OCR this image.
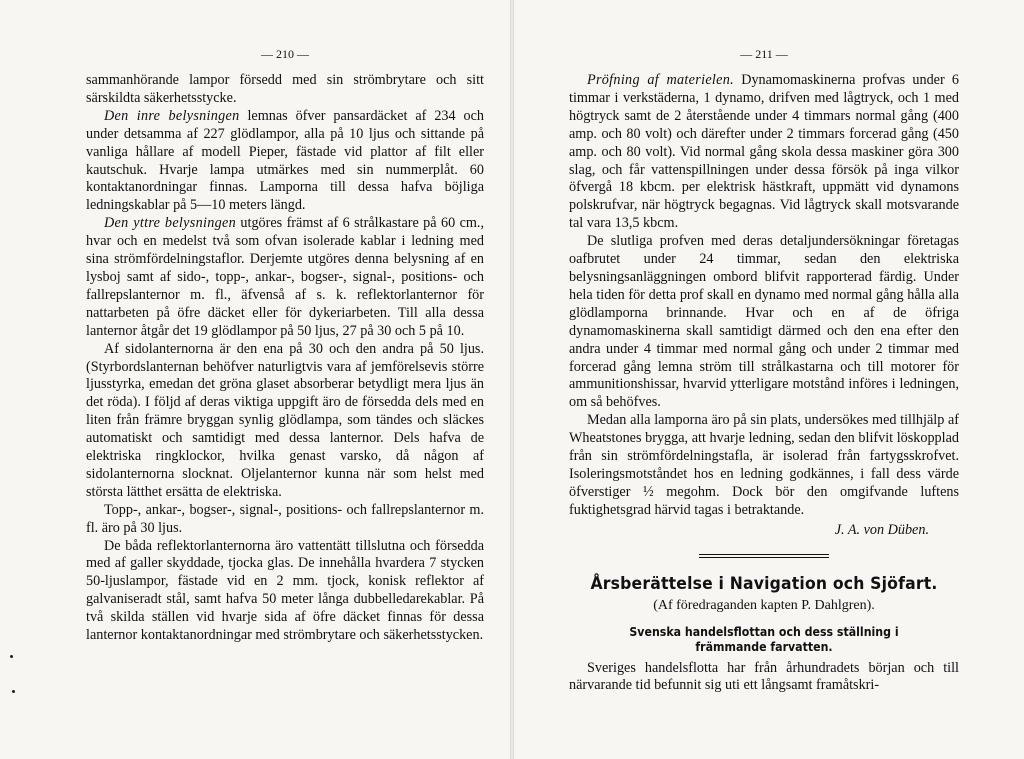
— 210 —

sammanhörande lampor försedd med sin strömbrytare och sitt särskildta säkerhetsstycke.

Den inre belysningen lemnas öfver pansardäcket af 234 och under detsamma af 227 glödlampor, alla på 10 ljus och sittande på vanliga hållare af modell Pieper, fästade vid plattor af filt eller kautschuk. Hvarje lampa utmärkes med sin nummerplåt. 60 kontaktanordningar finnas. Lamporna till dessa hafva böjliga ledningskablar på 5—10 meters längd.

Den yttre belysningen utgöres främst af 6 strålkastare på 60 cm., hvar och en medelst två som ofvan isolerade kablar i ledning med sina strömfördelningstaflor. Derjemte utgöres denna belysning af en lysboj samt af sido-, topp-, ankar-, bogser-, signal-, positions- och fallrepslanternor m. fl., äfvenså af s. k. reflektorlanternor för nattarbeten på öfre däcket eller för dykeriarbeten. Till alla dessa lanternor åtgår det 19 glödlampor på 50 ljus, 27 på 30 och 5 på 10.

Af sidolanternorna är den ena på 30 och den andra på 50 ljus. (Styrbordslanternan behöfver naturligtvis vara af jemförelsevis större ljusstyrka, emedan det gröna glaset absorberar betydligt mera ljus än det röda). I följd af deras viktiga uppgift äro de försedda dels med en liten från främre bryggan synlig glödlampa, som tändes och släckes automatiskt och samtidigt med dessa lanternor. Dels hafva de elektriska ringklockor, hvilka genast varsko, då någon af sidolanternorna slocknat. Oljelanternor kunna när som helst med största lätthet ersätta de elektriska.

Topp-, ankar-, bogser-, signal-, positions- och fallrepslanternor m. fl. äro på 30 ljus.

De båda reflektorlanternorna äro vattentätt tillslutna och försedda med af galler skyddade, tjocka glas. De innehålla hvardera 7 stycken 50-ljuslampor, fästade vid en 2 mm. tjock, konisk reflektor af galvaniseradt stål, samt hafva 50 meter långa dubbelledarekablar. På två skilda ställen vid hvarje sida af öfre däcket finnas för dessa lanternor kontaktanordningar med strömbrytare och säkerhetsstycken.

— 211 —

Pröfning af materielen. Dynamomaskinerna profvas under 6 timmar i verkstäderna, 1 dynamo, drifven med lågtryck, och 1 med högtryck samt de 2 återstående under 4 timmars normal gång (400 amp. och 80 volt) och därefter under 2 timmars forcerad gång (450 amp. och 80 volt). Vid normal gång skola dessa maskiner göra 300 slag, och får vattenspillningen under dessa försök på inga vilkor öfvergå 18 kbcm. per elektrisk hästkraft, uppmätt vid dynamons polskrufvar, när högtryck begagnas. Vid lågtryck skall motsvarande tal vara 13,5 kbcm.

De slutliga profven med deras detaljundersökningar företagas oafbrutet under 24 timmar, sedan den elektriska belysningsanläggningen ombord blifvit rapporterad färdig. Under hela tiden för detta prof skall en dynamo med normal gång hålla alla glödlamporna brinnande. Hvar och en af de öfriga dynamomaskinerna skall samtidigt därmed och den ena efter den andra under 4 timmar med normal gång och under 2 timmar med forcerad gång lemna ström till strålkastarna och till motorer för ammunitionshissar, hvarvid ytterligare motstånd införes i ledningen, om så behöfves.

Medan alla lamporna äro på sin plats, undersökes med tillhjälp af Wheatstones brygga, att hvarje ledning, sedan den blifvit löskopplad från sin strömfördelningstafla, är isolerad från fartygsskrofvet. Isoleringsmotståndet hos en ledning godkännes, i fall dess värde öfverstiger ½ megohm. Dock bör den omgifvande luftens fuktighetsgrad härvid tagas i betraktande.

J. A. von Düben.
Årsberättelse i Navigation och Sjöfart.
(Af föredraganden kapten P. Dahlgren).
Svenska handelsflottan och dess ställning i främmande farvatten.

Sveriges handelsflotta har från århundradets början och till närvarande tid befunnit sig uti ett långsamt framåtskri-
